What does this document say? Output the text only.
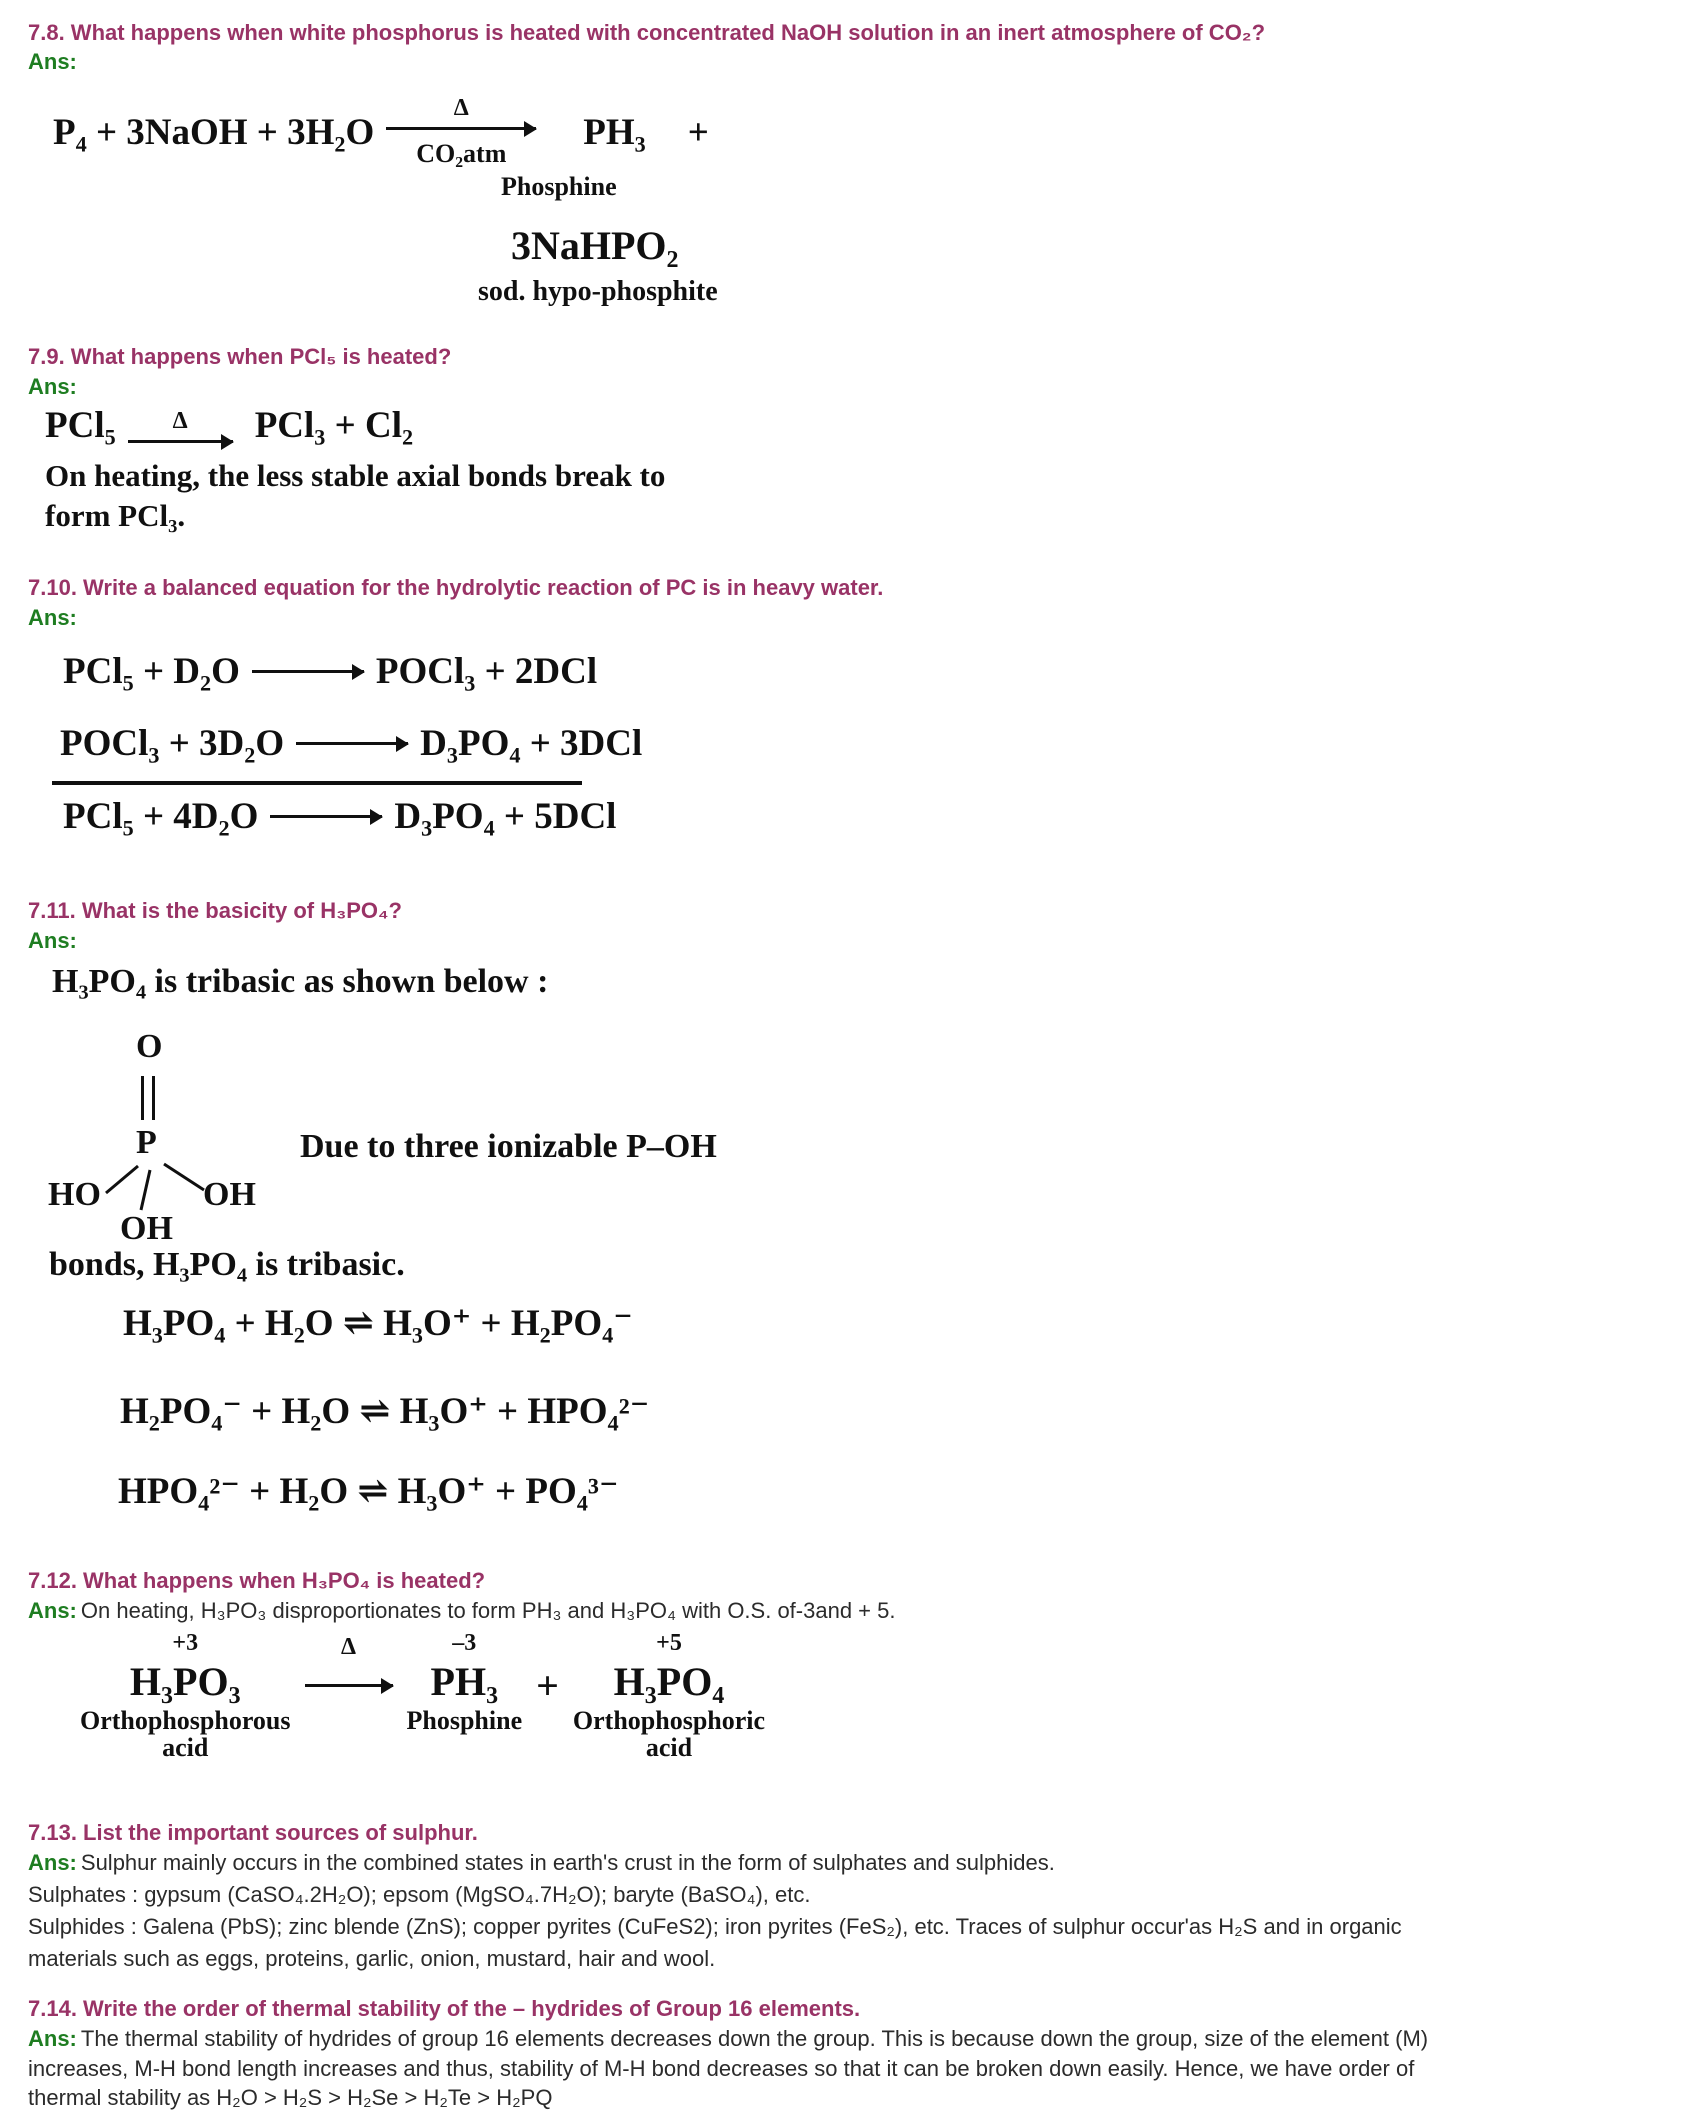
7.8. What happens when white phosphorus is heated with concentrated NaOH solution in an inert atmosphere of CO₂?
Ans:
P₄ + 3NaOH + 3H₂O
Δ
CO₂atm
PH₃ +
Phosphine
3NaHPO₂
sod. hypo-phosphite
7.9. What happens when PCl₅ is heated?
Ans:
PCl₅ Δ PCl₃ + Cl₂
On heating, the less stable axial bonds break to
form PCl₃.
7.10. Write a balanced equation for the hydrolytic reaction of PC is in heavy water.
Ans:
PCl₅ + D₂O	POCl₃ + 2DCl
POCl₃ + 3D₂O	D₃PO₄ + 3DCl
PCl₅ + 4D₂O	D₃PO₄ + 5DCl
7.11. What is the basicity of H₃PO₄?
Ans:
H₃PO₄ is tribasic as shown below :
O
P
HO	OH
OH
Due to three ionizable P–OH
bonds, H₃PO₄ is tribasic.
H₃PO₄ + H₂O ⇌ H₃O⁺ + H₂PO₄⁻
H₂PO₄⁻ + H₂O ⇌ H₃O⁺ + HPO₄²⁻
HPO₄²⁻ + H₂O ⇌ H₃O⁺ + PO₄³⁻
7.12. What happens when H₃PO₄ is heated?
Ans: On heating, H₃PO₃ disproportionates to form PH₃ and H₃PO₄ with O.S. of-3and + 5.
+3
H₃PO₃
Orthophosphorous
acid
Δ	–3
PH₃
Phosphine
+
+5
H₃PO₄
Orthophosphoric
acid
7.13. List the important sources of sulphur.
Ans: Sulphur mainly occurs in the combined states in earth's crust in the form of sulphates and sulphides.
Sulphates : gypsum (CaSO₄.2H₂O); epsom (MgSO₄.7H₂O); baryte (BaSO₄), etc.
Sulphides : Galena (PbS); zinc blende (ZnS); copper pyrites (CuFeS2); iron pyrites (FeS₂), etc. Traces of sulphur occur'as H₂S and in organic
materials such as eggs, proteins, garlic, onion, mustard, hair and wool.
7.14. Write the order of thermal stability of the – hydrides of Group 16 elements.
Ans: The thermal stability of hydrides of group 16 elements decreases down the group. This is because down the group, size of the element (M)
increases, M-H bond length increases and thus, stability of M-H bond decreases so that it can be broken down easily. Hence, we have order of
thermal stability as H₂O > H₂S > H₂Se > H₂Te > H₂PQ
